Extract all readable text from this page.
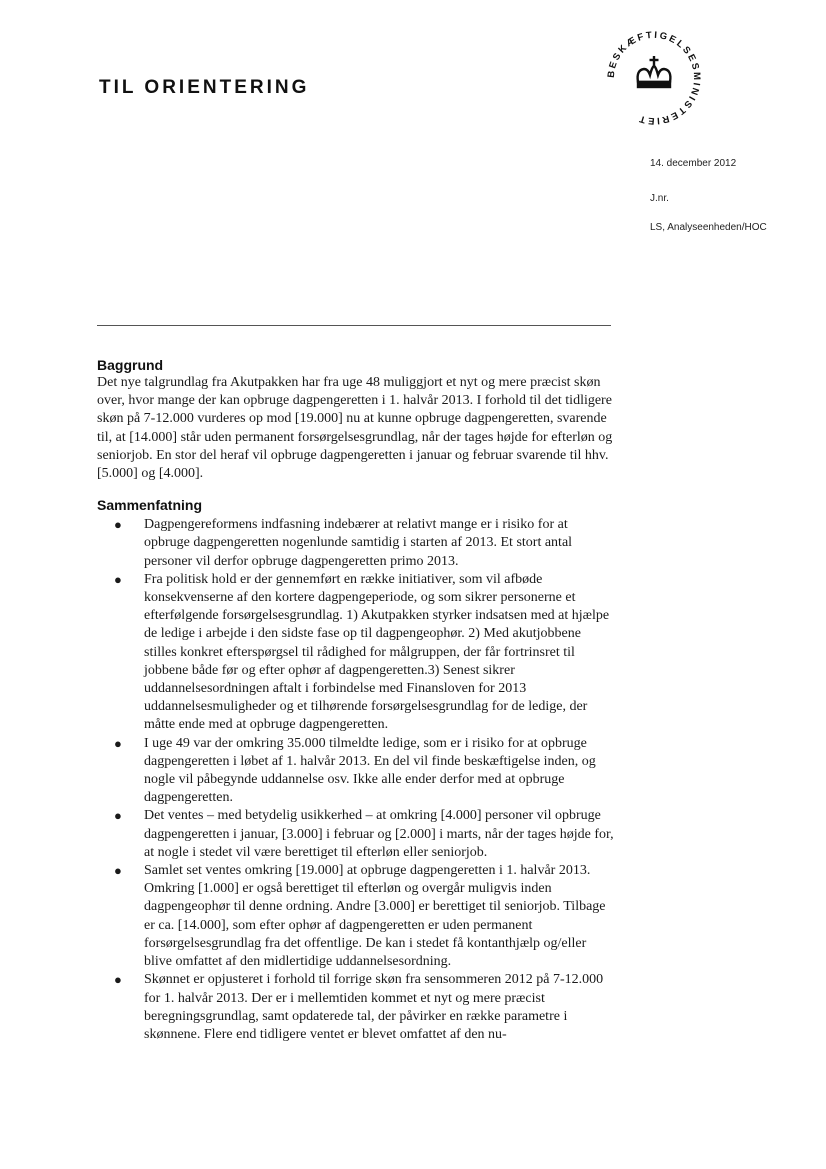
TIL ORIENTERING
BESKÆFTIGELSESMINISTERIET
14. december 2012
J.nr.
LS, Analyseenheden/HOC
Baggrund

Det nye talgrundlag fra Akutpakken har fra uge 48 muliggjort et nyt og mere præcist skøn over, hvor mange der kan opbruge dagpengeretten i 1. halvår 2013. I forhold til det tidligere skøn på 7-12.000 vurderes op mod [19.000] nu at kunne opbruge dagpengeretten, svarende til, at [14.000] står uden permanent forsørgelsesgrundlag, når der tages højde for efterløn og seniorjob. En stor del heraf vil opbruge dagpengeretten i januar og februar svarende til hhv. [5.000] og [4.000].

Sammenfatning
● Dagpengereformens indfasning indebærer at relativt mange er i risiko for at opbruge dagpengeretten nogenlunde samtidig i starten af 2013. Et stort antal personer vil derfor opbruge dagpengeretten primo 2013.
● Fra politisk hold er der gennemført en række initiativer, som vil afbøde konsekvenserne af den kortere dagpengeperiode, og som sikrer personerne et efterfølgende forsørgelsesgrundlag. 1) Akutpakken styrker indsatsen med at hjælpe de ledige i arbejde i den sidste fase op til dagpengeophør. 2) Med akutjobbene stilles konkret efterspørgsel til rådighed for målgruppen, der får fortrinsret til jobbene både før og efter ophør af dagpengeretten.3) Senest sikrer uddannelsesordningen aftalt i forbindelse med Finansloven for 2013 uddannelsesmuligheder og et tilhørende forsørgelsesgrundlag for de ledige, der måtte ende med at opbruge dagpengeretten.
● I uge 49 var der omkring 35.000 tilmeldte ledige, som er i risiko for at opbruge dagpengeretten i løbet af 1. halvår 2013. En del vil finde beskæftigelse inden, og nogle vil påbegynde uddannelse osv. Ikke alle ender derfor med at opbruge dagpengeretten.
● Det ventes – med betydelig usikkerhed – at omkring [4.000] personer vil opbruge dagpengeretten i januar, [3.000] i februar og [2.000] i marts, når der tages højde for, at nogle i stedet vil være berettiget til efterløn eller seniorjob.
● Samlet set ventes omkring [19.000] at opbruge dagpengeretten i 1. halvår 2013. Omkring [1.000] er også berettiget til efterløn og overgår muligvis inden dagpengeophør til denne ordning. Andre [3.000] er berettiget til seniorjob. Tilbage er ca. [14.000], som efter ophør af dagpengeretten er uden permanent forsørgelsesgrundlag fra det offentlige. De kan i stedet få kontanthjælp og/eller blive omfattet af den midlertidige uddannelsesordning.
● Skønnet er opjusteret i forhold til forrige skøn fra sensommeren 2012 på 7-12.000 for 1. halvår 2013. Der er i mellemtiden kommet et nyt og mere præcist beregningsgrundlag, samt opdaterede tal, der påvirker en række parametre i skønnene. Flere end tidligere ventet er blevet omfattet af den nu-
